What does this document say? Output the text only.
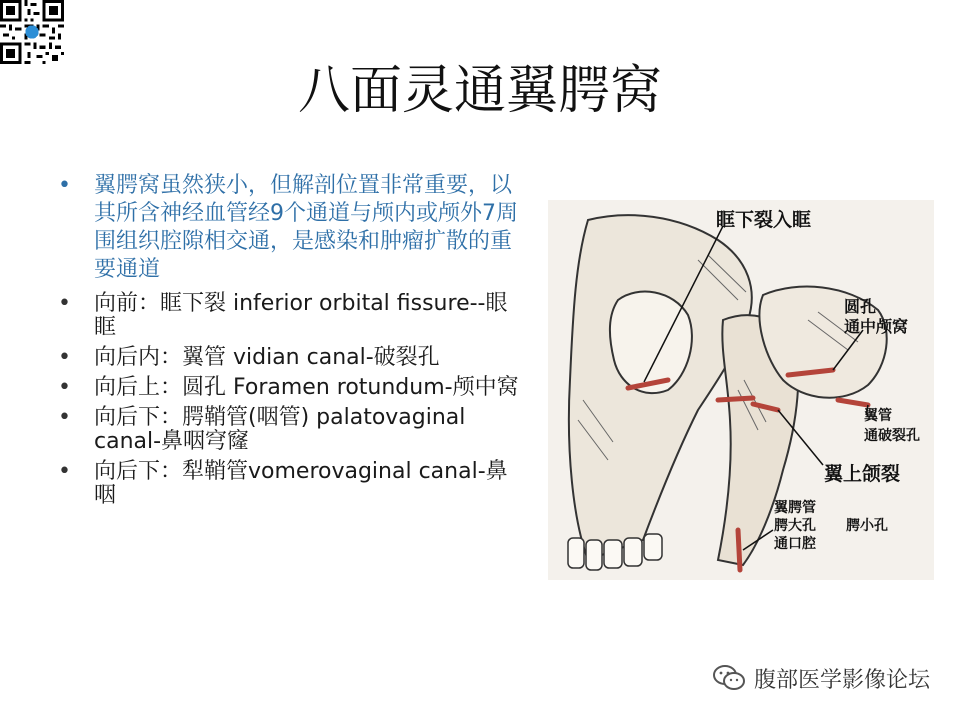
八面灵通翼腭窝
• 翼腭窝虽然狭小，但解剖位置非常重要，以其所含神经血管经9个通道与颅内或颅外7周围组织腔隙相交通，是感染和肿瘤扩散的重要通道
• 向前：眶下裂 inferior orbital fissure--眼眶
• 向后内：翼管 vidian canal-破裂孔
• 向后上：圆孔 Foramen rotundum-颅中窝
• 向后下：腭鞘管(咽管) palatovaginal canal-鼻咽穹窿
• 向后下：犁鞘管vomerovaginal canal-鼻咽
眶下裂入眶
圆孔
通中颅窝
翼管
通破裂孔
翼上颌裂
翼腭管
腭大孔
通口腔
腭小孔
腹部医学影像论坛
